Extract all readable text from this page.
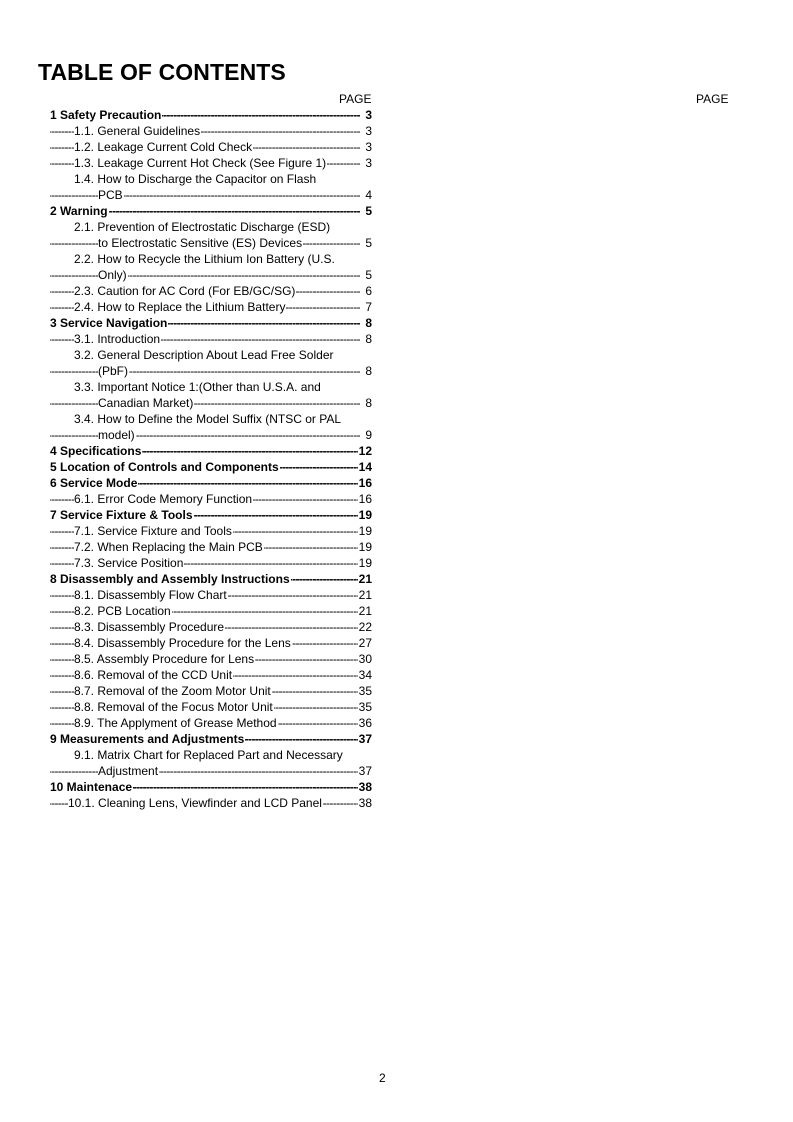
TABLE OF CONTENTS
PAGE	PAGE
-----
1 Safety Precaution	3
-----
1.1. General Guidelines	3
-----
1.2. Leakage Current Cold Check	3
-----
1.3. Leakage Current Hot Check (See Figure 1)	3
1.4. How to Discharge the Capacitor on Flash
-----
PCB	4
-----
2 Warning	5
2.1. Prevention of Electrostatic Discharge (ESD)
-----
to Electrostatic Sensitive (ES) Devices	5
2.2. How to Recycle the Lithium Ion Battery (U.S.
-----
Only)	5
-----
2.3. Caution for AC Cord (For EB/GC/SG)	6
-----
2.4. How to Replace the Lithium Battery	7
-----
3 Service Navigation	8
-----
3.1. Introduction	8
3.2. General Description About Lead Free Solder
-----
(PbF)	8
3.3. Important Notice 1:(Other than U.S.A. and
-----
Canadian Market)	8
3.4. How to Define the Model Suffix (NTSC or PAL
-----
model)	9
-----
4 Specifications	12
-----
5 Location of Controls and Components	14
-----
6 Service Mode	16
-----
6.1. Error Code Memory Function	16
-----
7 Service Fixture & Tools	19
-----
7.1. Service Fixture and Tools	19
-----
7.2. When Replacing the Main PCB	19
-----
7.3. Service Position	19
-----
8 Disassembly and Assembly Instructions	21
-----
8.1. Disassembly Flow Chart	21
-----
8.2. PCB Location	21
-----
8.3. Disassembly Procedure	22
-----
8.4. Disassembly Procedure for the Lens	27
-----
8.5. Assembly Procedure for Lens	30
-----
8.6. Removal of the CCD Unit	34
-----
8.7. Removal of the Zoom Motor Unit	35
-----
8.8. Removal of the Focus Motor Unit	35
-----
8.9. The Applyment of Grease Method	36
-----
9 Measurements and Adjustments	37
9.1. Matrix Chart for Replaced Part and Necessary
-----
Adjustment	37
-----
10 Maintenace	38
-----
10.1. Cleaning Lens, Viewfinder and LCD Panel	38
2
